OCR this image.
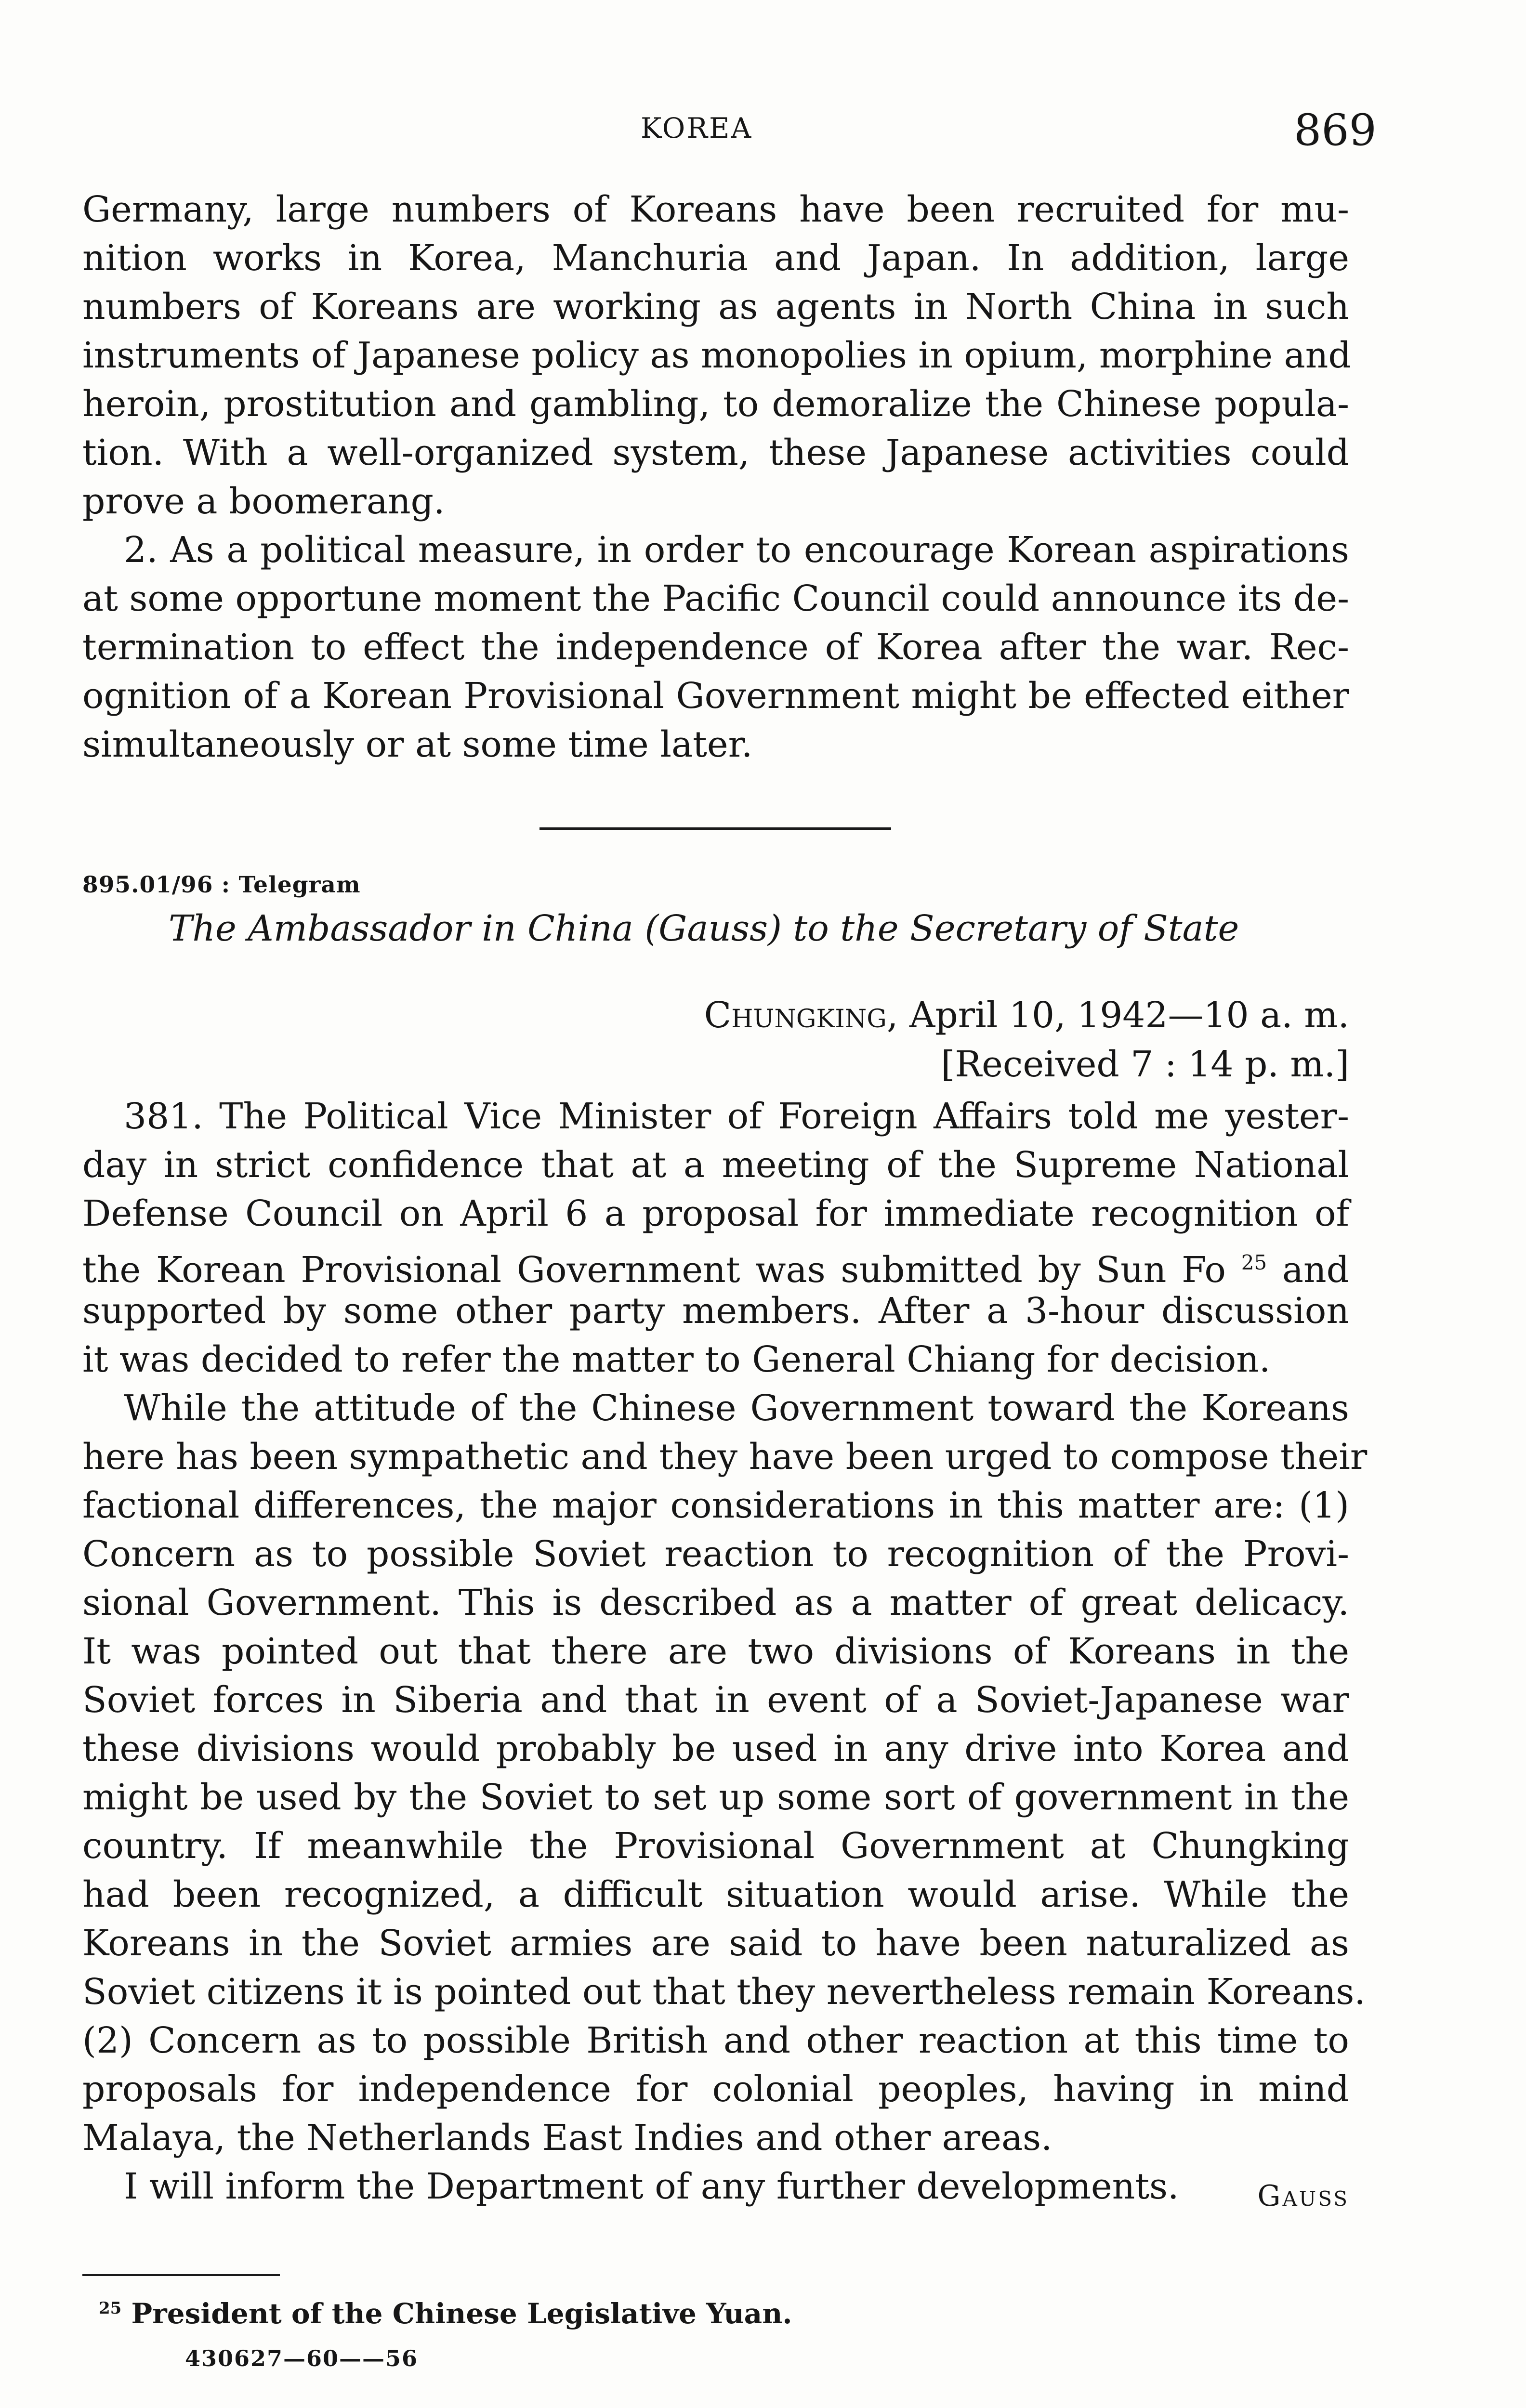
KOREA	869
Germany, large numbers of Koreans have been recruited for mu-
nition works in Korea, Manchuria and Japan. In addition, large
numbers of Koreans are working as agents in North China in such
instruments of Japanese policy as monopolies in opium, morphine and
heroin, prostitution and gambling, to demoralize the Chinese popula-
tion. With a well-organized system, these Japanese activities could
prove a boomerang.
2. As a political measure, in order to encourage Korean aspirations
at some opportune moment the Pacific Council could announce its de-
termination to effect the independence of Korea after the war. Rec-
ognition of a Korean Provisional Government might be effected either
simultaneously or at some time later.
895.01/96 : Telegram
The Ambassador in China (Gauss) to the Secretary of State
Chungking, April 10, 1942—10 a. m.
[Received 7 : 14 p. m.]
381. The Political Vice Minister of Foreign Affairs told me yester-
day in strict confidence that at a meeting of the Supreme National
Defense Council on April 6 a proposal for immediate recognition of
the Korean Provisional Government was submitted by Sun Fo $^{25}$ and
supported by some other party members. After a 3-hour discussion
it was decided to refer the matter to General Chiang for decision.
While the attitude of the Chinese Government toward the Koreans
here has been sympathetic and they have been urged to compose their
factional differences, the major considerations in this matter are: (1)
Concern as to possible Soviet reaction to recognition of the Provi-
sional Government. This is described as a matter of great delicacy.
It was pointed out that there are two divisions of Koreans in the
Soviet forces in Siberia and that in event of a Soviet-Japanese war
these divisions would probably be used in any drive into Korea and
might be used by the Soviet to set up some sort of government in the
country. If meanwhile the Provisional Government at Chungking
had been recognized, a difficult situation would arise. While the
Koreans in the Soviet armies are said to have been naturalized as
Soviet citizens it is pointed out that they nevertheless remain Koreans.
(2) Concern as to possible British and other reaction at this time to
proposals for independence for colonial peoples, having in mind
Malaya, the Netherlands East Indies and other areas.
I will inform the Department of any further developments.	Gauss
$^{25}$ President of the Chinese Legislative Yuan.
430627—60——56
